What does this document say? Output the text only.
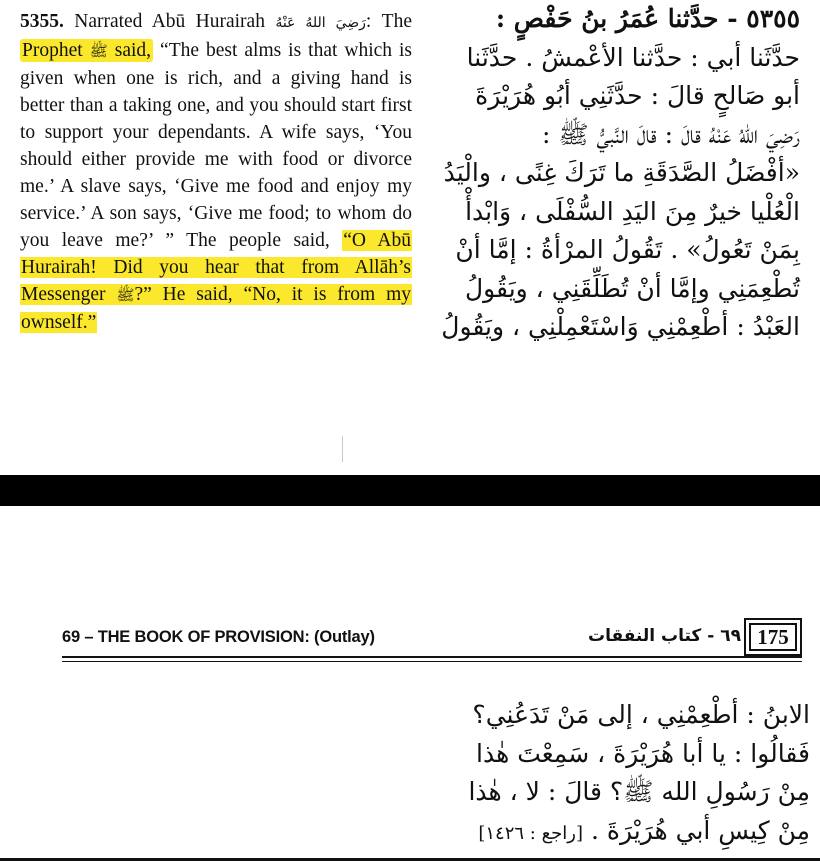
5355. Narrated Abū Hurairah رَضِيَ اللهُ عَنْهُ: The Prophet ﷺ said, “The best alms is that which is given when one is rich, and a giving hand is better than a taking one, and you should start first to support your dependants. A wife says, ‘You should either provide me with food or divorce me.’ A slave says, ‘Give me food and enjoy my service.’ A son says, ‘Give me food; to whom do you leave me?’ ” The people said, “O Abū Hurairah! Did you hear that from Allāh’s Messenger ﷺ?” He said, “No, it is from my ownself.”
٥٣٥٥ - حدَّثنا عُمَرُ بنُ حَفْصٍ :
حدَّثَنا أبي : حدَّثنا الأعْمشُ . حدَّثَنا
أبو صَالحٍ قالَ : حدَّثَنِي أبُو هُرَيْرَةَ
رَضِيَ اللهُ عَنْهُ قالَ : قالَ النَّبيُّ ﷺ :
«أفْضَلُ الصَّدَقَةِ ما تَرَكَ غِنًى ، والْيَدُ
الْعُلْيا خيرٌ مِنَ اليَدِ السُّفْلَى ، وَابْدأْ
بِمَنْ تَعُولُ» . تَقُولُ المرْأةُ : إمَّا أنْ
تُطْعِمَنِي وإمَّا أنْ تُطَلِّقَنِي ، ويَقُولُ
العَبْدُ : أطْعِمْنِي وَاسْتَعْمِلْنِي ، ويَقُولُ
69 – THE BOOK OF PROVISION: (Outlay)	٦٩ - كتاب النفقات 175
الابنُ : أطْعِمْنِي ، إلى مَنْ تَدَعُنِي؟
فَقالُوا : يا أبا هُرَيْرَةَ ، سَمِعْتَ هٰذا
مِنْ رَسُولِ الله ﷺ؟ قالَ : لا ، هٰذا
مِنْ كِيسِ أبي هُرَيْرَةَ . [راجع : ١٤٢٦]
